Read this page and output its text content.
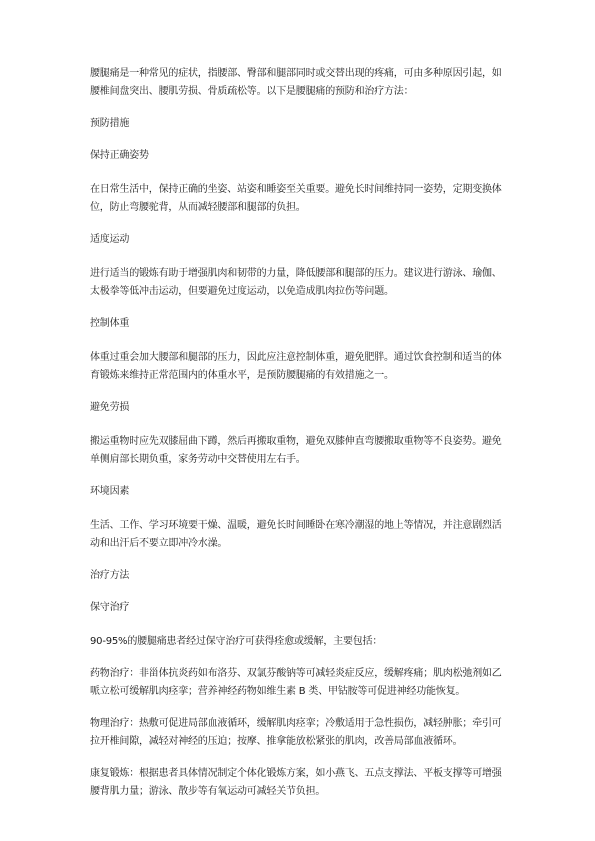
腰腿痛是一种常见的症状，指腰部、臀部和腿部同时或交替出现的疼痛，可由多种原因引起，如腰椎间盘突出、腰肌劳损、骨质疏松等。以下是腰腿痛的预防和治疗方法：

预防措施

保持正确姿势

在日常生活中，保持正确的坐姿、站姿和睡姿至关重要。避免长时间维持同一姿势，定期变换体位，防止弯腰驼背，从而减轻腰部和腿部的负担。

适度运动

进行适当的锻炼有助于增强肌肉和韧带的力量，降低腰部和腿部的压力。建议进行游泳、瑜伽、太极拳等低冲击运动，但要避免过度运动，以免造成肌肉拉伤等问题。

控制体重

体重过重会加大腰部和腿部的压力，因此应注意控制体重，避免肥胖。通过饮食控制和适当的体育锻炼来维持正常范围内的体重水平，是预防腰腿痛的有效措施之一。

避免劳损

搬运重物时应先双膝屈曲下蹲，然后再搬取重物，避免双膝伸直弯腰搬取重物等不良姿势。避免单侧肩部长期负重，家务劳动中交替使用左右手。

环境因素

生活、工作、学习环境要干燥、温暖，避免长时间睡卧在寒冷潮湿的地上等情况，并注意剧烈活动和出汗后不要立即冲冷水澡。

治疗方法

保守治疗

90-95%的腰腿痛患者经过保守治疗可获得痊愈或缓解，主要包括：

药物治疗：非甾体抗炎药如布洛芬、双氯芬酸钠等可减轻炎症反应，缓解疼痛；肌肉松弛剂如乙哌立松可缓解肌肉痉挛；营养神经药物如维生素 B 类、甲钴胺等可促进神经功能恢复。

物理治疗：热敷可促进局部血液循环，缓解肌肉痉挛；冷敷适用于急性损伤，减轻肿胀；牵引可拉开椎间隙，减轻对神经的压迫；按摩、推拿能放松紧张的肌肉，改善局部血液循环。

康复锻炼：根据患者具体情况制定个体化锻炼方案，如小燕飞、五点支撑法、平板支撑等可增强腰背肌力量；游泳、散步等有氧运动可减轻关节负担。
